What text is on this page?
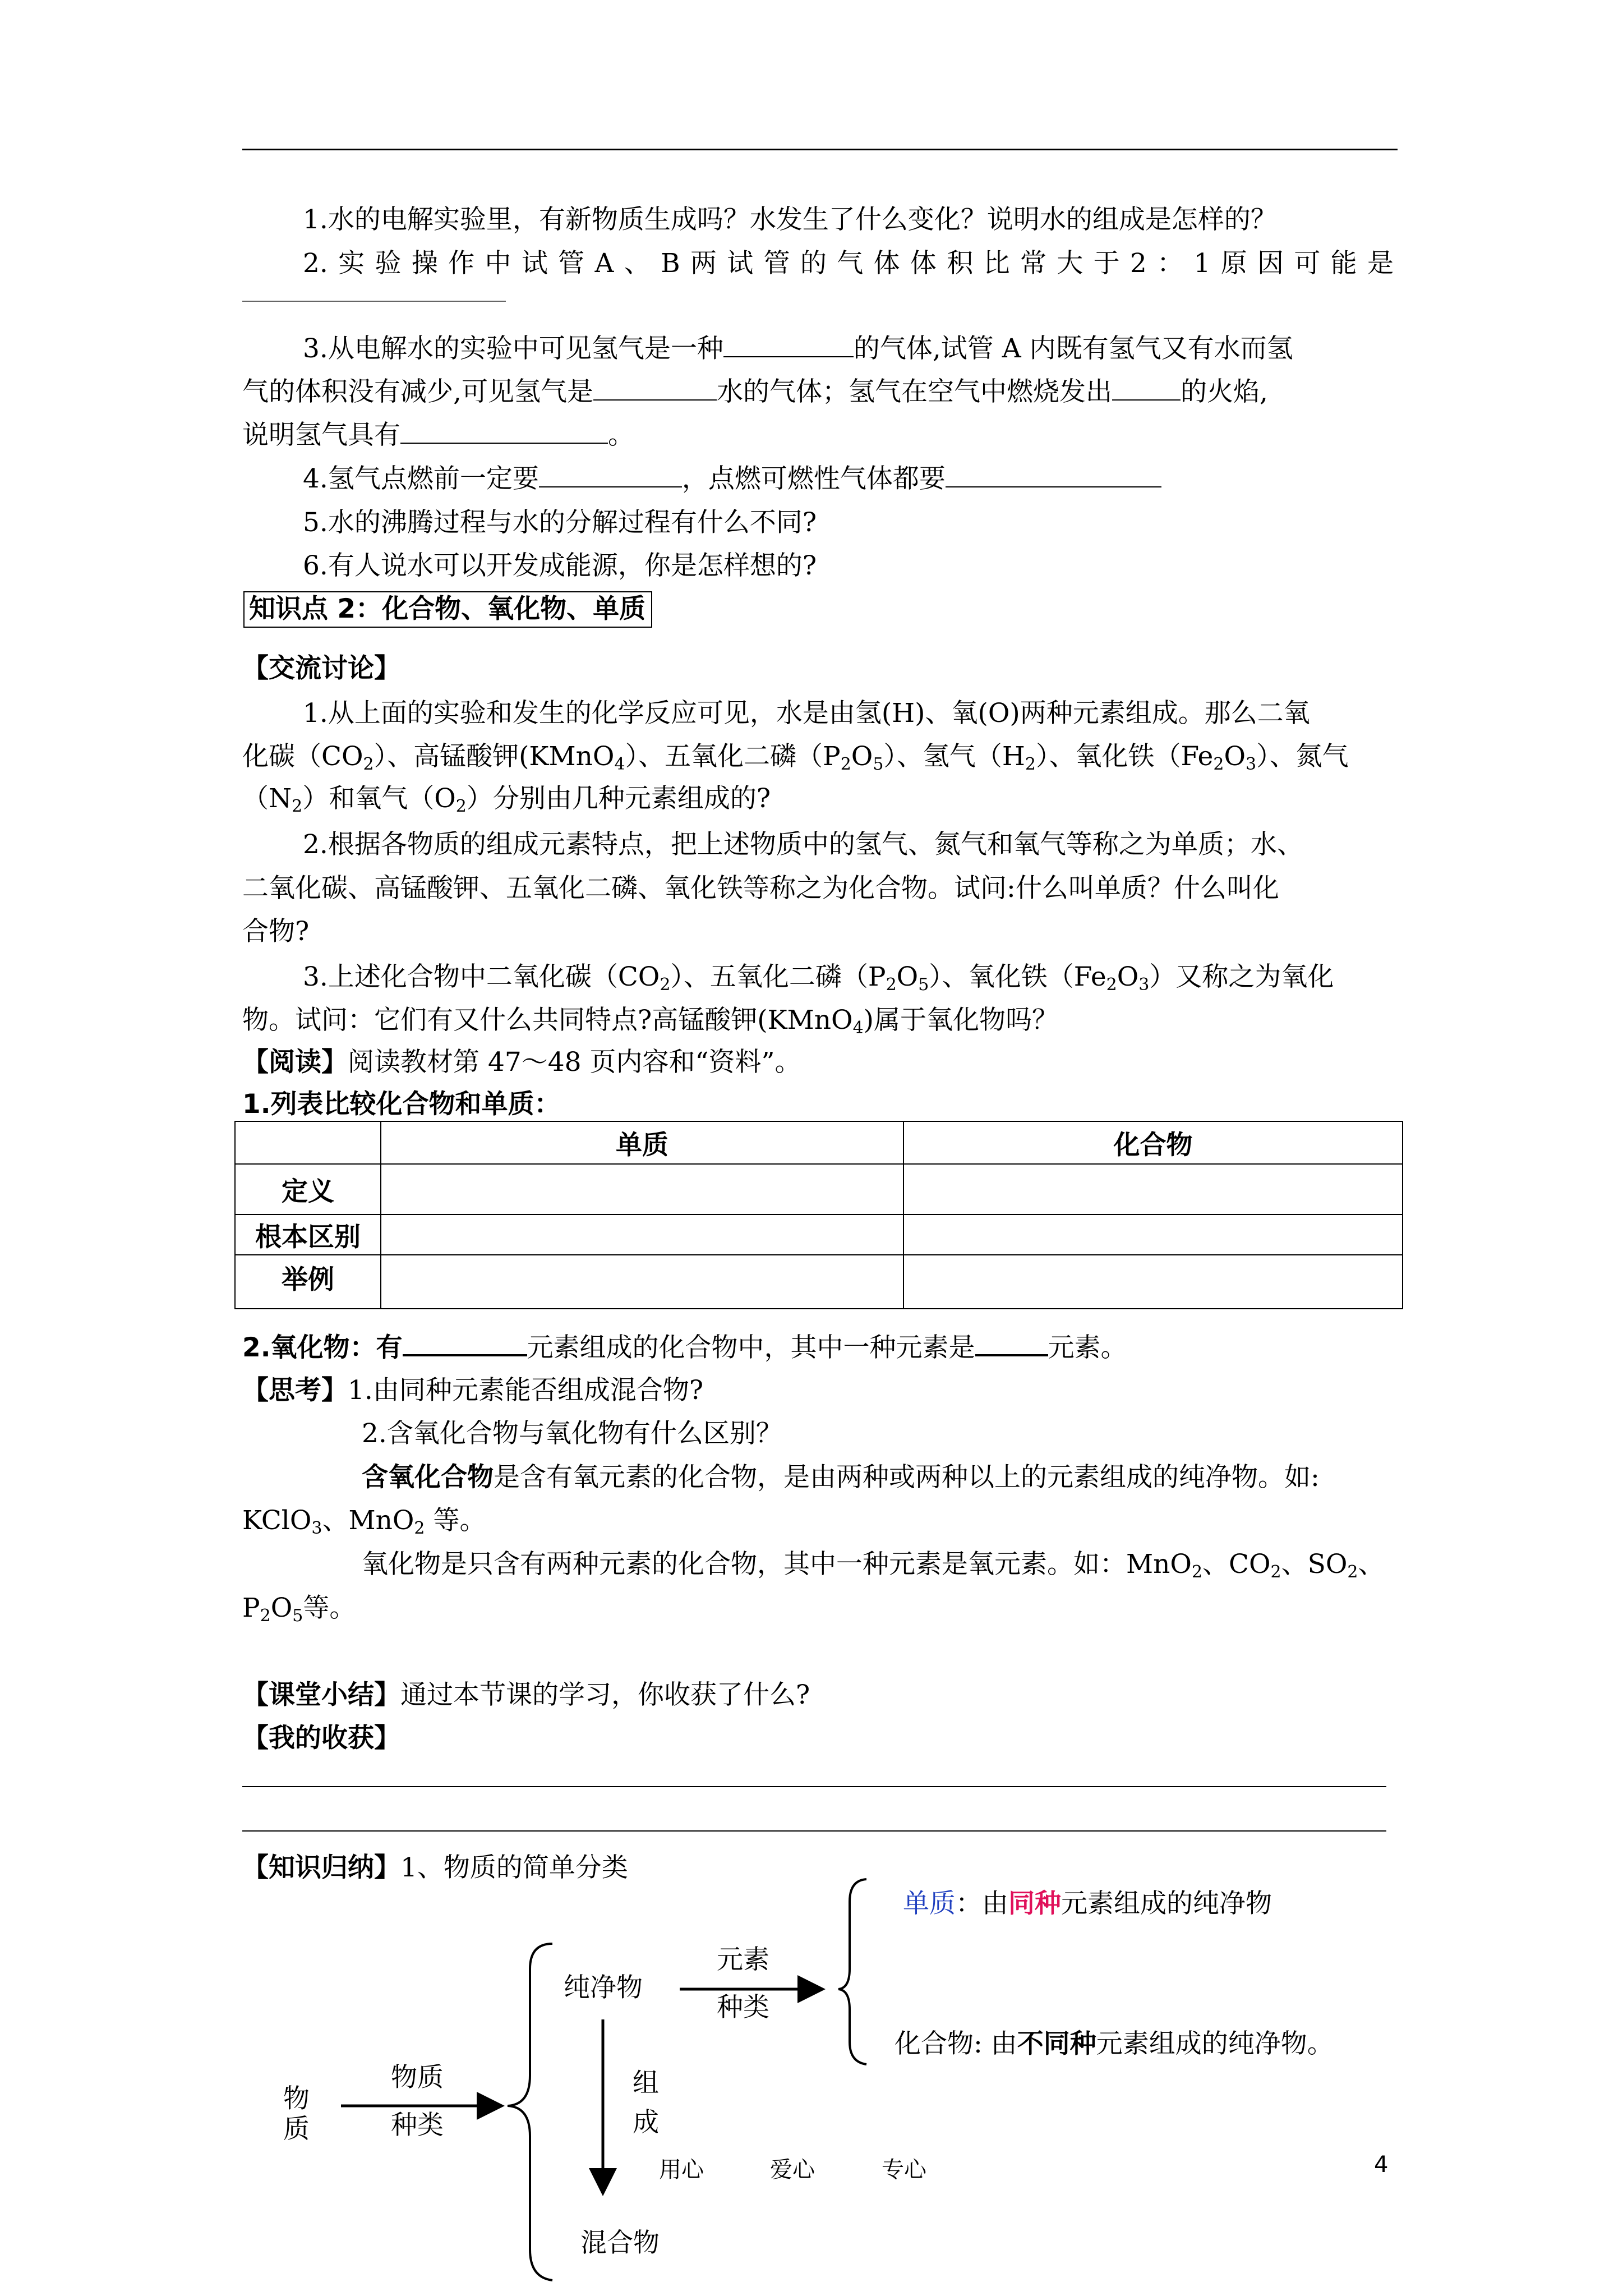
1.水的电解实验里，有新物质生成吗？水发生了什么变化？说明水的组成是怎样的？
2. 实 验 操 作 中 试 管 A 、 B 两 试 管 的 气 体 体 积 比 常 大 于 2 ： 1 原 因 可 能 是
3.从电解水的实验中可见氢气是一种	的气体,试管 A 内既有氢气又有水而氢
气的体积没有减少,可见氢气是	水的气体；氢气在空气中燃烧发出	的火焰,
说明氢气具有	。
4.氢气点燃前一定要	，点燃可燃性气体都要
5.水的沸腾过程与水的分解过程有什么不同?
6.有人说水可以开发成能源，你是怎样想的?
知识点 2：化合物、氧化物、单质
【交流讨论】
1.从上面的实验和发生的化学反应可见，水是由氢(H)、氧(O)两种元素组成。那么二氧
化碳$(CO_2)$、高锰酸钾(KMnO$_4$）、五氧化二磷$(P_2O_5)$、氢气$(H_2)$、氧化铁$(Fe_2O_3)$、氮气
$(N_2)$和氧气$(O_2)$分别由几种元素组成的?
2.根据各物质的组成元素特点，把上述物质中的氢气、氮气和氧气等称之为单质；水、
二氧化碳、高锰酸钾、五氧化二磷、氧化铁等称之为化合物。试问:什么叫单质？什么叫化
合物?
3.上述化合物中二氧化碳$(CO_2)$、五氧化二磷$(P_2O_5)$、氧化铁$(Fe_2O_3)$又称之为氧化
物。试问：它们有又什么共同特点?高锰酸钾(KMnO$_4$)属于氧化物吗？
【阅读】阅读教材第 47～48 页内容和“资料”。
1.列表比较化合物和单质：
	单质	化合物
定义		
根本区别		
举例		
2.氧化物：有	元素组成的化合物中，其中一种元素是	元素。
【思考】1.由同种元素能否组成混合物?
2.含氧化合物与氧化物有什么区别？
含氧化合物是含有氧元素的化合物，是由两种或两种以上的元素组成的纯净物。如:
KClO$_3$、MnO$_2$ 等。
氧化物是只含有两种元素的化合物，其中一种元素是氧元素。如：MnO$_2$、$CO_2$、$SO_2$、
$P_2O_5$等。
【课堂小结】通过本节课的学习，你收获了什么?
【我的收获】
【知识归纳】1、物质的简单分类
物
质
物质
种类
纯净物
元素
种类
组
成
混合物
单质：由同种元素组成的纯净物
化合物: 由不同种元素组成的纯净物。
用心	爱心	专心	4
